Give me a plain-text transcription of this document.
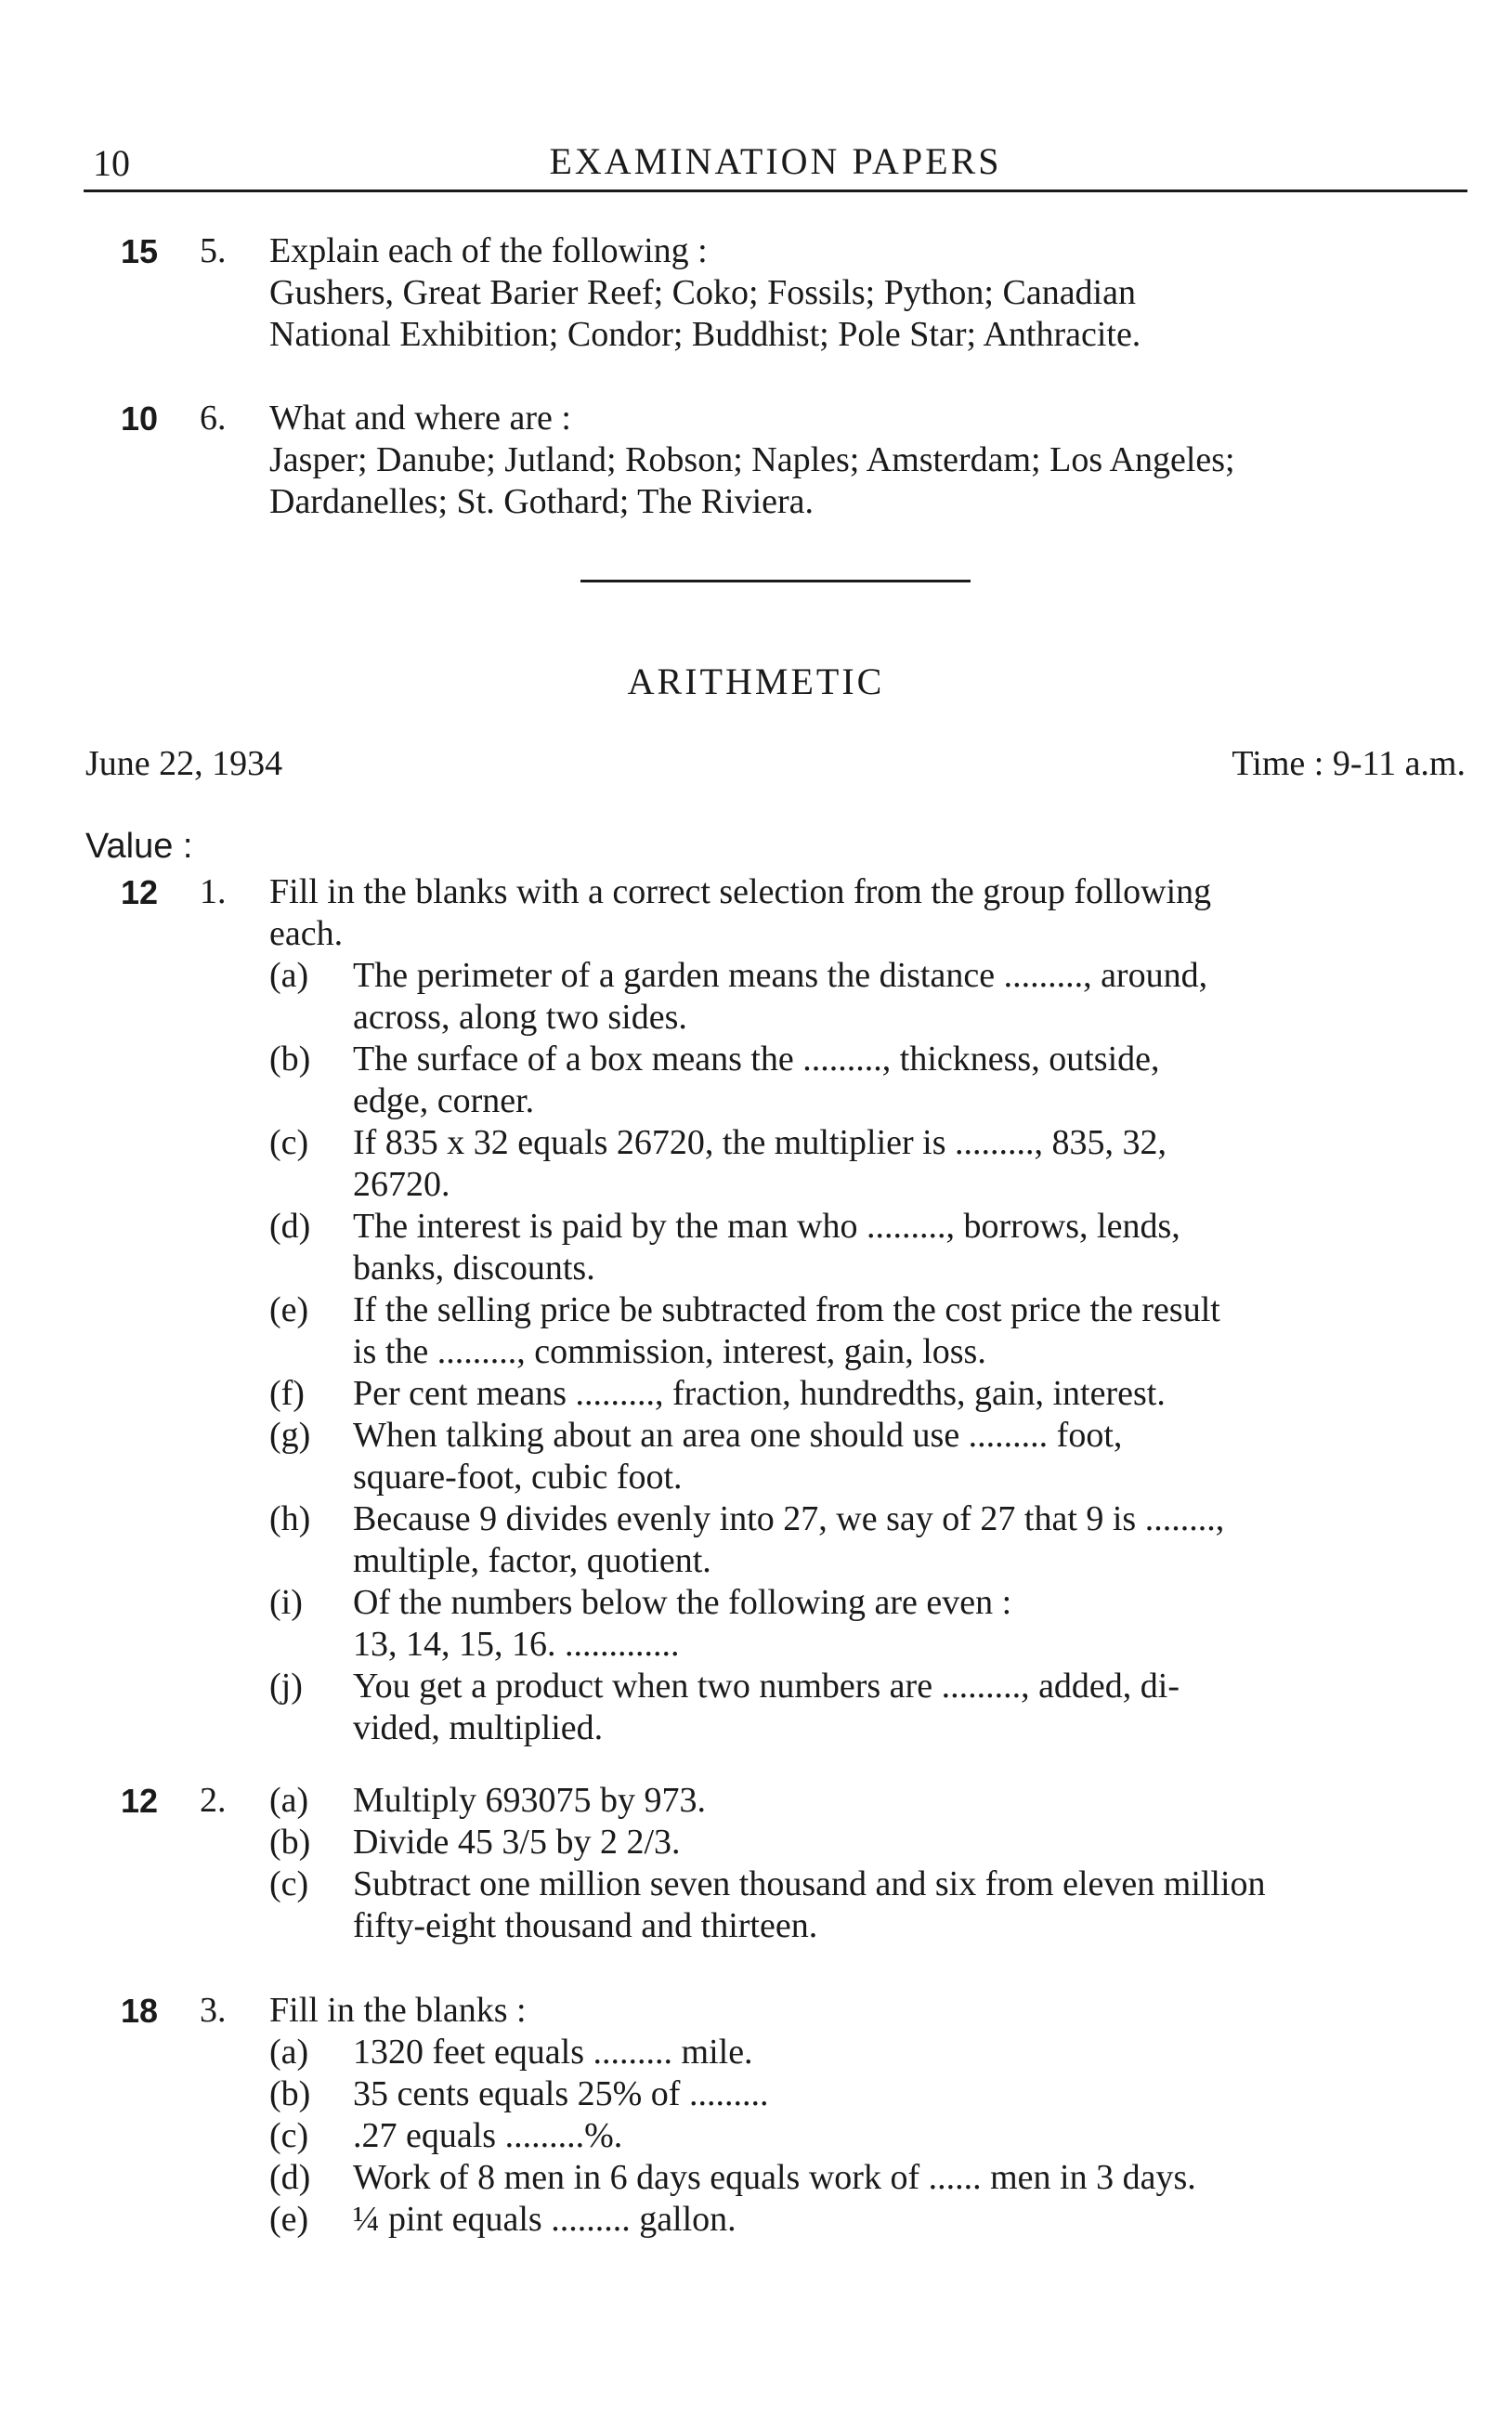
10	EXAMINATION PAPERS
15 5. Explain each of the following :
Gushers, Great Barier Reef; Coko; Fossils; Python; Canadian
National Exhibition; Condor; Buddhist; Pole Star; Anthracite.
10 6. What and where are :
Jasper; Danube; Jutland; Robson; Naples; Amsterdam; Los Angeles;
Dardanelles; St. Gothard; The Riviera.
ARITHMETIC
June 22, 1934	Time : 9-11 a.m.
Value :
12 1. Fill in the blanks with a correct selection from the group following
each.
(a) The perimeter of a garden means the distance ........., around,
across, along two sides.
(b) The surface of a box means the ........., thickness, outside,
edge, corner.
(c) If 835 x 32 equals 26720, the multiplier is ........., 835, 32,
26720.
(d) The interest is paid by the man who ........., borrows, lends,
banks, discounts.
(e) If the selling price be subtracted from the cost price the result
is the ........., commission, interest, gain, loss.
(f) Per cent means ........., fraction, hundredths, gain, interest.
(g) When talking about an area one should use ......... foot,
square-foot, cubic foot.
(h) Because 9 divides evenly into 27, we say of 27 that 9 is ........,
multiple, factor, quotient.
(i) Of the numbers below the following are even :
13, 14, 15, 16. .............
(j) You get a product when two numbers are ........., added, di-
vided, multiplied.
12 2. (a) Multiply 693075 by 973.
(b) Divide 45 3/5 by 2 2/3.
(c) Subtract one million seven thousand and six from eleven million
fifty-eight thousand and thirteen.
18 3. Fill in the blanks :
(a) 1320 feet equals ......... mile.
(b) 35 cents equals 25% of .........
(c) .27 equals .........%.
(d) Work of 8 men in 6 days equals work of ...... men in 3 days.
(e) ¼ pint equals ......... gallon.
